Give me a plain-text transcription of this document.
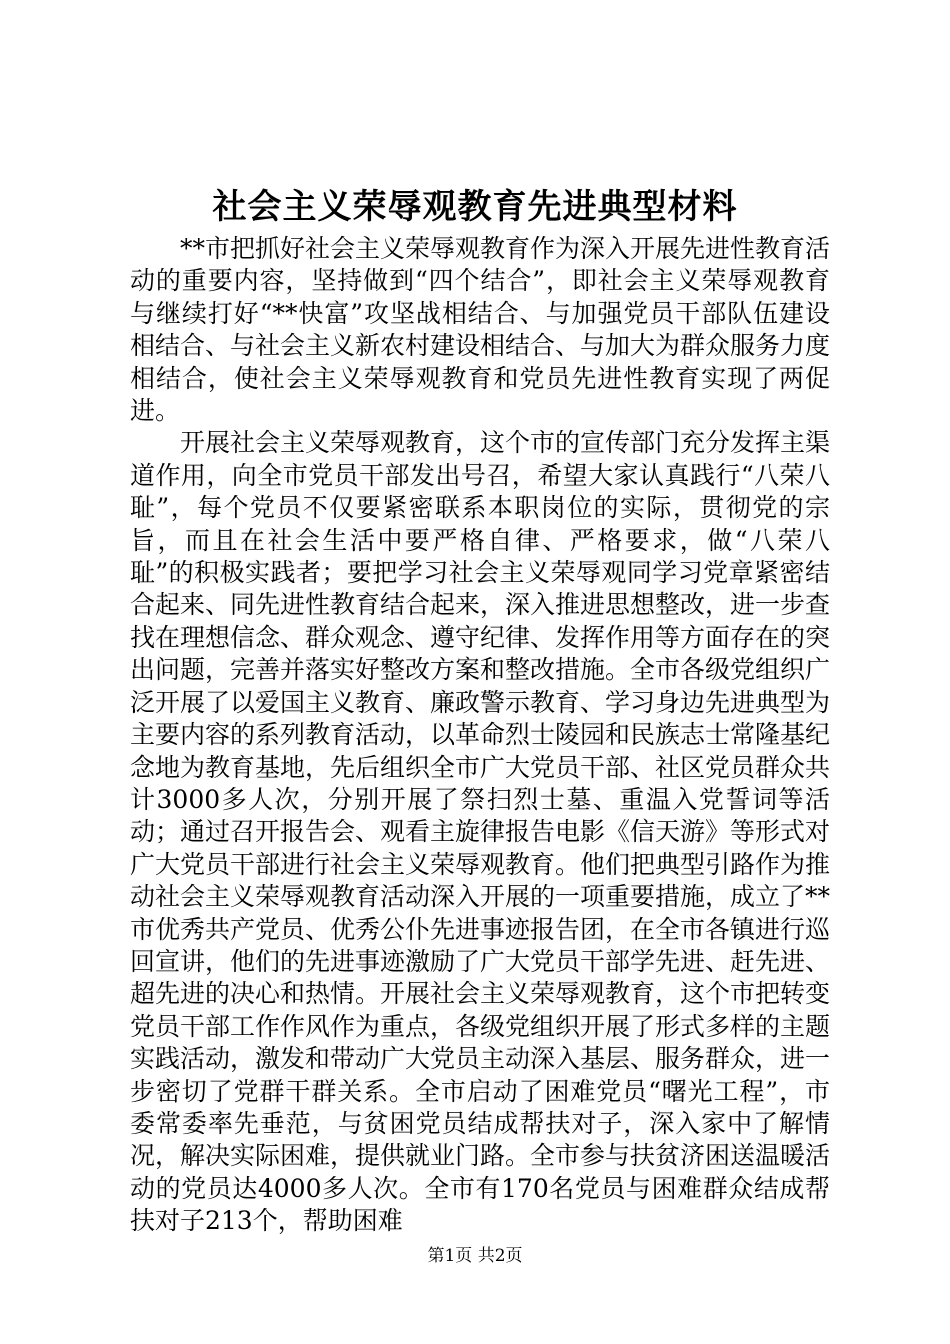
社会主义荣辱观教育先进典型材料

**市把抓好社会主义荣辱观教育作为深入开展先进性教育活动的重要内容，坚持做到“四个结合”，即社会主义荣辱观教育与继续打好“**快富”攻坚战相结合、与加强党员干部队伍建设相结合、与社会主义新农村建设相结合、与加大为群众服务力度相结合，使社会主义荣辱观教育和党员先进性教育实现了两促进。

开展社会主义荣辱观教育，这个市的宣传部门充分发挥主渠道作用，向全市党员干部发出号召，希望大家认真践行“八荣八耻”，每个党员不仅要紧密联系本职岗位的实际，贯彻党的宗旨，而且在社会生活中要严格自律、严格要求，做“八荣八耻”的积极实践者；要把学习社会主义荣辱观同学习党章紧密结合起来、同先进性教育结合起来，深入推进思想整改，进一步查找在理想信念、群众观念、遵守纪律、发挥作用等方面存在的突出问题，完善并落实好整改方案和整改措施。全市各级党组织广泛开展了以爱国主义教育、廉政警示教育、学习身边先进典型为主要内容的系列教育活动，以革命烈士陵园和民族志士常隆基纪念地为教育基地，先后组织全市广大党员干部、社区党员群众共计3000多人次，分别开展了祭扫烈士墓、重温入党誓词等活动；通过召开报告会、观看主旋律报告电影《信天游》等形式对广大党员干部进行社会主义荣辱观教育。他们把典型引路作为推动社会主义荣辱观教育活动深入开展的一项重要措施，成立了**市优秀共产党员、优秀公仆先进事迹报告团，在全市各镇进行巡回宣讲，他们的先进事迹激励了广大党员干部学先进、赶先进、超先进的决心和热情。开展社会主义荣辱观教育，这个市把转变党员干部工作作风作为重点，各级党组织开展了形式多样的主题实践活动，激发和带动广大党员主动深入基层、服务群众，进一步密切了党群干群关系。全市启动了困难党员“曙光工程”，市委常委率先垂范，与贫困党员结成帮扶对子，深入家中了解情况，解决实际困难，提供就业门路。全市参与扶贫济困送温暖活动的党员达4000多人次。全市有170名党员与困难群众结成帮扶对子213个，帮助困难

第1页 共2页
